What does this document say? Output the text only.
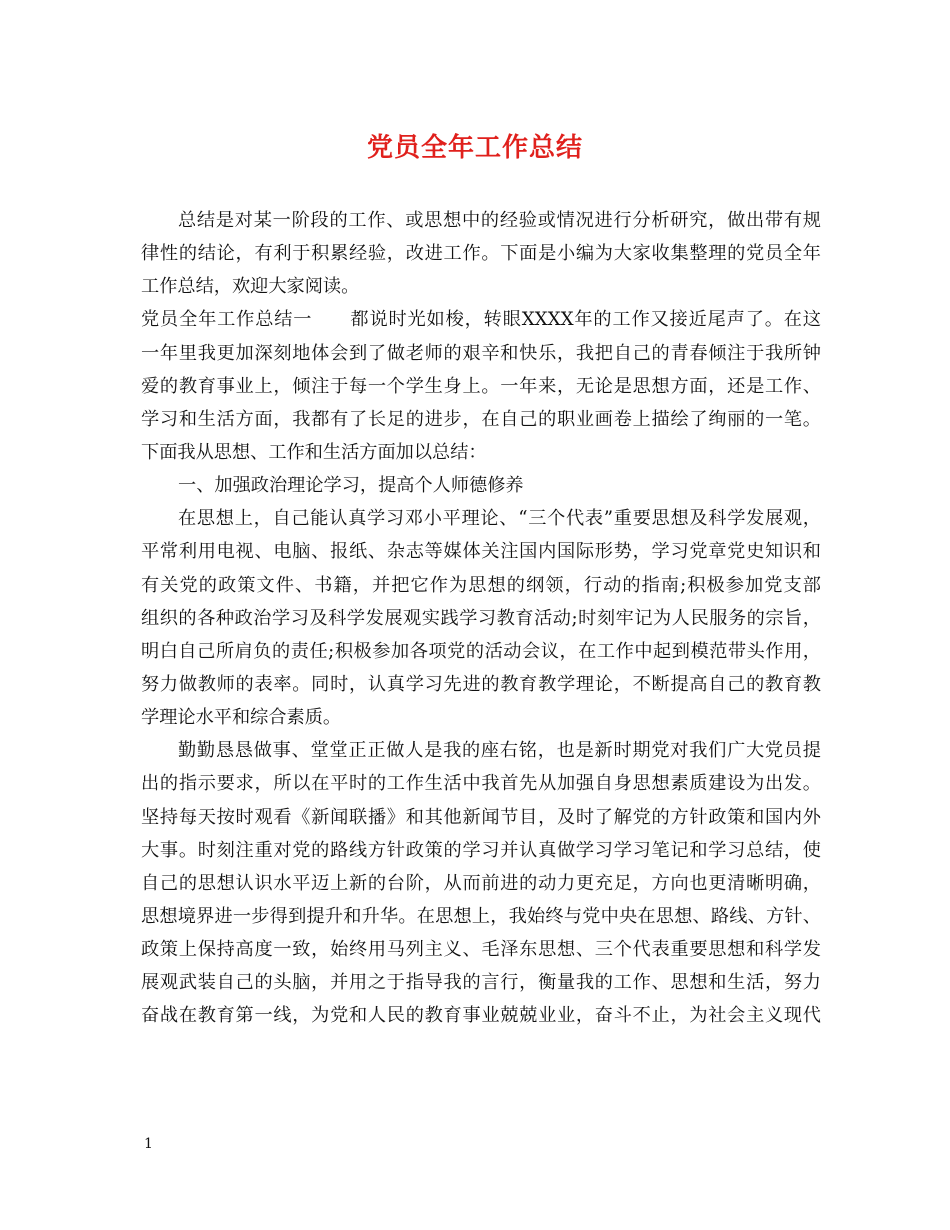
党员全年工作总结
总结是对某一阶段的工作、或思想中的经验或情况进行分析研究，做出带有规
律性的结论，有利于积累经验，改进工作。下面是小编为大家收集整理的党员全年
工作总结，欢迎大家阅读。
党员全年工作总结一　　都说时光如梭，转眼XXXX年的工作又接近尾声了。在这
一年里我更加深刻地体会到了做老师的艰辛和快乐，我把自己的青春倾注于我所钟
爱的教育事业上，倾注于每一个学生身上。一年来，无论是思想方面，还是工作、
学习和生活方面，我都有了长足的进步，在自己的职业画卷上描绘了绚丽的一笔。
下面我从思想、工作和生活方面加以总结：
一、加强政治理论学习，提高个人师德修养
在思想上，自己能认真学习邓小平理论、“三个代表”重要思想及科学发展观，
平常利用电视、电脑、报纸、杂志等媒体关注国内国际形势，学习党章党史知识和
有关党的政策文件、书籍，并把它作为思想的纲领，行动的指南;积极参加党支部
组织的各种政治学习及科学发展观实践学习教育活动;时刻牢记为人民服务的宗旨，
明白自己所肩负的责任;积极参加各项党的活动会议，在工作中起到模范带头作用，
努力做教师的表率。同时，认真学习先进的教育教学理论，不断提高自己的教育教
学理论水平和综合素质。
勤勤恳恳做事、堂堂正正做人是我的座右铭，也是新时期党对我们广大党员提
出的指示要求，所以在平时的工作生活中我首先从加强自身思想素质建设为出发。
坚持每天按时观看《新闻联播》和其他新闻节目，及时了解党的方针政策和国内外
大事。时刻注重对党的路线方针政策的学习并认真做学习学习笔记和学习总结，使
自己的思想认识水平迈上新的台阶，从而前进的动力更充足，方向也更清晰明确，
思想境界进一步得到提升和升华。在思想上，我始终与党中央在思想、路线、方针、
政策上保持高度一致，始终用马列主义、毛泽东思想、三个代表重要思想和科学发
展观武装自己的头脑，并用之于指导我的言行，衡量我的工作、思想和生活，努力
奋战在教育第一线，为党和人民的教育事业兢兢业业，奋斗不止，为社会主义现代
1
